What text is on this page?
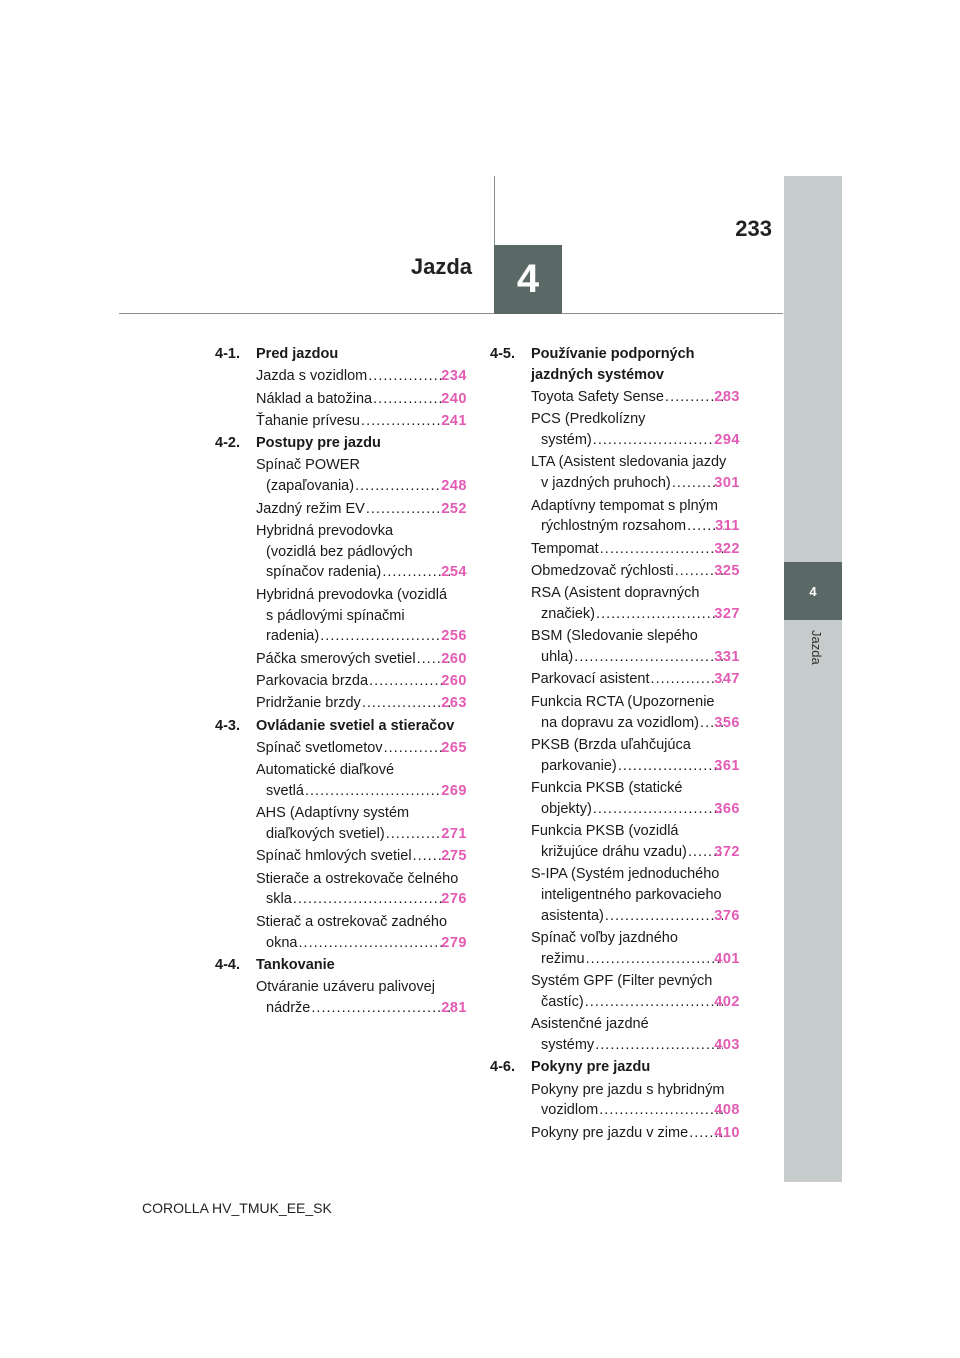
4
Jazda
4
Jazda
233
4-1.	Pred jazdou
Jazda s vozidlom .....	234
Náklad a batožina .....	240
Ťahanie prívesu .....	241
4-2.	Postupy pre jazdu
Spínač POWER
(zapaľovania) .....	248
Jazdný režim EV .....	252
Hybridná prevodovka
(vozidlá bez pádlových
spínačov radenia) .....	254
Hybridná prevodovka (vozidlá
s pádlovými spínačmi
radenia) .....	256
Páčka smerových svetiel ..... 260
Parkovacia brzda .....	260
Pridržanie brzdy .....	263
4-3.	Ovládanie svetiel a stieračov
Spínač svetlometov .....	265
Automatické diaľkové
svetlá .....	269
AHS (Adaptívny systém
diaľkových svetiel) .....	271
Spínač hmlových svetiel ..... 275
Stierače a ostrekovače čelného
skla .....	276
Stierač a ostrekovač zadného
okna .....	279
4-4.	Tankovanie
Otváranie uzáveru palivovej
nádrže .....	281
4-5.	Používanie podporných jazdných systémov
Toyota Safety Sense .....	283
PCS (Predkolízny
systém) .....	294
LTA (Asistent sledovania jazdy
v jazdných pruhoch) .....	301
Adaptívny tempomat s plným
rýchlostným rozsahom ..... 311
Tempomat .....	322
Obmedzovač rýchlosti .....	325
RSA (Asistent dopravných
značiek) .....	327
BSM (Sledovanie slepého
uhla) .....	331
Parkovací asistent .....	347
Funkcia RCTA (Upozornenie
na dopravu za vozidlom) ..... 356
PKSB (Brzda uľahčujúca
parkovanie) .....	361
Funkcia PKSB (statické
objekty) .....	366
Funkcia PKSB (vozidlá
križujúce dráhu vzadu) ..... 372
S-IPA (Systém jednoduchého
inteligentného parkovacieho
asistenta) .....	376
Spínač voľby jazdného
režimu .....	401
Systém GPF (Filter pevných
častíc) .....	402
Asistenčné jazdné
systémy .....	403
4-6.	Pokyny pre jazdu
Pokyny pre jazdu s hybridným
vozidlom .....	408
Pokyny pre jazdu v zime ..... 410
COROLLA HV_TMUK_EE_SK
